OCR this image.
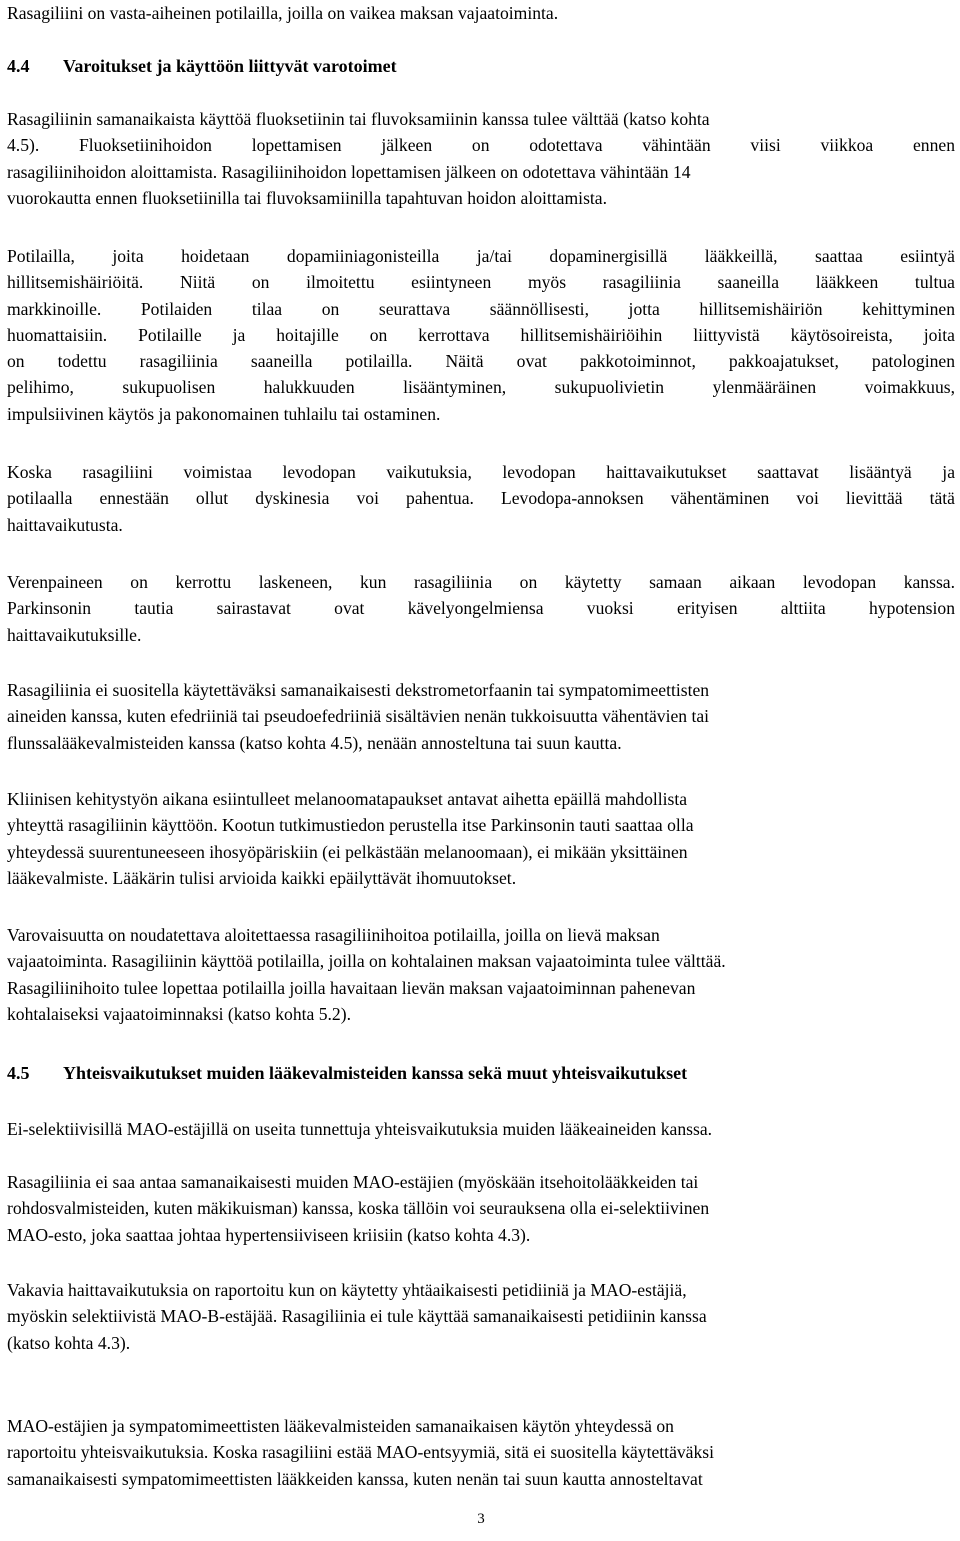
Rasagiliini on vasta-aiheinen potilailla, joilla on vaikea maksan vajaatoiminta.
4.4 Varoitukset ja käyttöön liittyvät varotoimet
Rasagiliinin samanaikaista käyttöä fluoksetiinin tai fluvoksamiinin kanssa tulee välttää (katso kohta
4.5). Fluoksetiinihoidon lopettamisen jälkeen on odotettava vähintään viisi viikkoa ennen
rasagiliinihoidon aloittamista. Rasagiliinihoidon lopettamisen jälkeen on odotettava vähintään 14
vuorokautta ennen fluoksetiinilla tai fluvoksamiinilla tapahtuvan hoidon aloittamista.
Potilailla, joita hoidetaan dopamiiniagonisteilla ja/tai dopaminergisillä lääkkeillä, saattaa esiintyä
hillitsemishäiriöitä. Niitä on ilmoitettu esiintyneen myös rasagiliinia saaneilla lääkkeen tultua
markkinoille. Potilaiden tilaa on seurattava säännöllisesti, jotta hillitsemishäiriön kehittyminen
huomattaisiin. Potilaille ja hoitajille on kerrottava hillitsemishäiriöihin liittyvistä käytösoireista, joita
on todettu rasagiliinia saaneilla potilailla. Näitä ovat pakkotoiminnot, pakkoajatukset, patologinen
pelihimo, sukupuolisen halukkuuden lisääntyminen, sukupuolivietin ylenmääräinen voimakkuus,
impulsiivinen käytös ja pakonomainen tuhlailu tai ostaminen.
Koska rasagiliini voimistaa levodopan vaikutuksia, levodopan haittavaikutukset saattavat lisääntyä ja
potilaalla ennestään ollut dyskinesia voi pahentua. Levodopa-annoksen vähentäminen voi lievittää tätä
haittavaikutusta.
Verenpaineen on kerrottu laskeneen, kun rasagiliinia on käytetty samaan aikaan levodopan kanssa.
Parkinsonin tautia sairastavat ovat kävelyongelmiensa vuoksi erityisen alttiita hypotension
haittavaikutuksille.
Rasagiliinia ei suositella käytettäväksi samanaikaisesti dekstrometorfaanin tai sympatomimeettisten
aineiden kanssa, kuten efedriiniä tai pseudoefedriiniä sisältävien nenän tukkoisuutta vähentävien tai
flunssalääkevalmisteiden kanssa (katso kohta 4.5), nenään annosteltuna tai suun kautta.
Kliinisen kehitystyön aikana esiintulleet melanoomatapaukset antavat aihetta epäillä mahdollista
yhteyttä rasagiliinin käyttöön. Kootun tutkimustiedon perustella itse Parkinsonin tauti saattaa olla
yhteydessä suurentuneeseen ihosyöpäriskiin (ei pelkästään melanoomaan), ei mikään yksittäinen
lääkevalmiste. Lääkärin tulisi arvioida kaikki epäilyttävät ihomuutokset.
Varovaisuutta on noudatettava aloitettaessa rasagiliinihoitoa potilailla, joilla on lievä maksan
vajaatoiminta. Rasagiliinin käyttöä potilailla, joilla on kohtalainen maksan vajaatoiminta tulee välttää.
Rasagiliinihoito tulee lopettaa potilailla joilla havaitaan lievän maksan vajaatoiminnan pahenevan
kohtalaiseksi vajaatoiminnaksi (katso kohta 5.2).
4.5 Yhteisvaikutukset muiden lääkevalmisteiden kanssa sekä muut yhteisvaikutukset
Ei-selektiivisillä MAO-estäjillä on useita tunnettuja yhteisvaikutuksia muiden lääkeaineiden kanssa.
Rasagiliinia ei saa antaa samanaikaisesti muiden MAO-estäjien (myöskään itsehoitolääkkeiden tai
rohdosvalmisteiden, kuten mäkikuisman) kanssa, koska tällöin voi seurauksena olla ei-selektiivinen
MAO-esto, joka saattaa johtaa hypertensiiviseen kriisiin (katso kohta 4.3).
Vakavia haittavaikutuksia on raportoitu kun on käytetty yhtäaikaisesti petidiiniä ja MAO-estäjiä,
myöskin selektiivistä MAO-B-estäjää. Rasagiliinia ei tule käyttää samanaikaisesti petidiinin kanssa
(katso kohta 4.3).
MAO-estäjien ja sympatomimeettisten lääkevalmisteiden samanaikaisen käytön yhteydessä on
raportoitu yhteisvaikutuksia. Koska rasagiliini estää MAO-entsyymiä, sitä ei suositella käytettäväksi
samanaikaisesti sympatomimeettisten lääkkeiden kanssa, kuten nenän tai suun kautta annosteltavat
3
